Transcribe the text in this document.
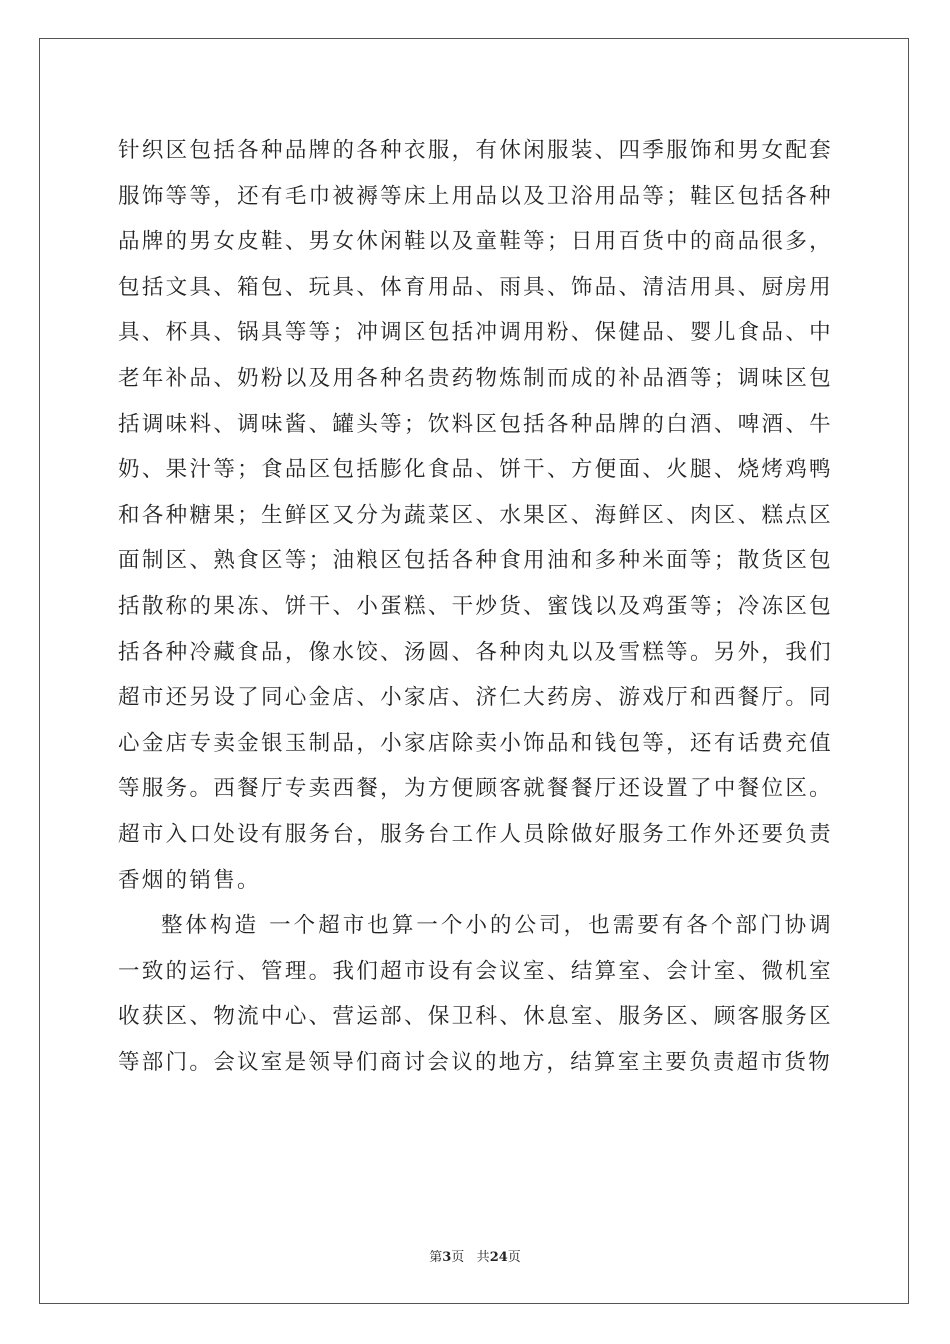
针织区包括各种品牌的各种衣服，有休闲服装、四季服饰和男女配套服饰等等，还有毛巾被褥等床上用品以及卫浴用品等；鞋区包括各种品牌的男女皮鞋、男女休闲鞋以及童鞋等；日用百货中的商品很多，包括文具、箱包、玩具、体育用品、雨具、饰品、清洁用具、厨房用具、杯具、锅具等等；冲调区包括冲调用粉、保健品、婴儿食品、中老年补品、奶粉以及用各种名贵药物炼制而成的补品酒等；调味区包括调味料、调味酱、罐头等；饮料区包括各种品牌的白酒、啤酒、牛奶、果汁等；食品区包括膨化食品、饼干、方便面、火腿、烧烤鸡鸭和各种糖果；生鲜区又分为蔬菜区、水果区、海鲜区、肉区、糕点区面制区、熟食区等；油粮区包括各种食用油和多种米面等；散货区包括散称的果冻、饼干、小蛋糕、干炒货、蜜饯以及鸡蛋等；冷冻区包括各种冷藏食品，像水饺、汤圆、各种肉丸以及雪糕等。另外，我们超市还另设了同心金店、小家店、济仁大药房、游戏厅和西餐厅。同心金店专卖金银玉制品，小家店除卖小饰品和钱包等，还有话费充值等服务。西餐厅专卖西餐，为方便顾客就餐餐厅还设置了中餐位区。超市入口处设有服务台，服务台工作人员除做好服务工作外还要负责香烟的销售。

整体构造 一个超市也算一个小的公司，也需要有各个部门协调一致的运行、管理。我们超市设有会议室、结算室、会计室、微机室收获区、物流中心、营运部、保卫科、休息室、服务区、顾客服务区等部门。会议室是领导们商讨会议的地方，结算室主要负责超市货物

第3页 共24页
